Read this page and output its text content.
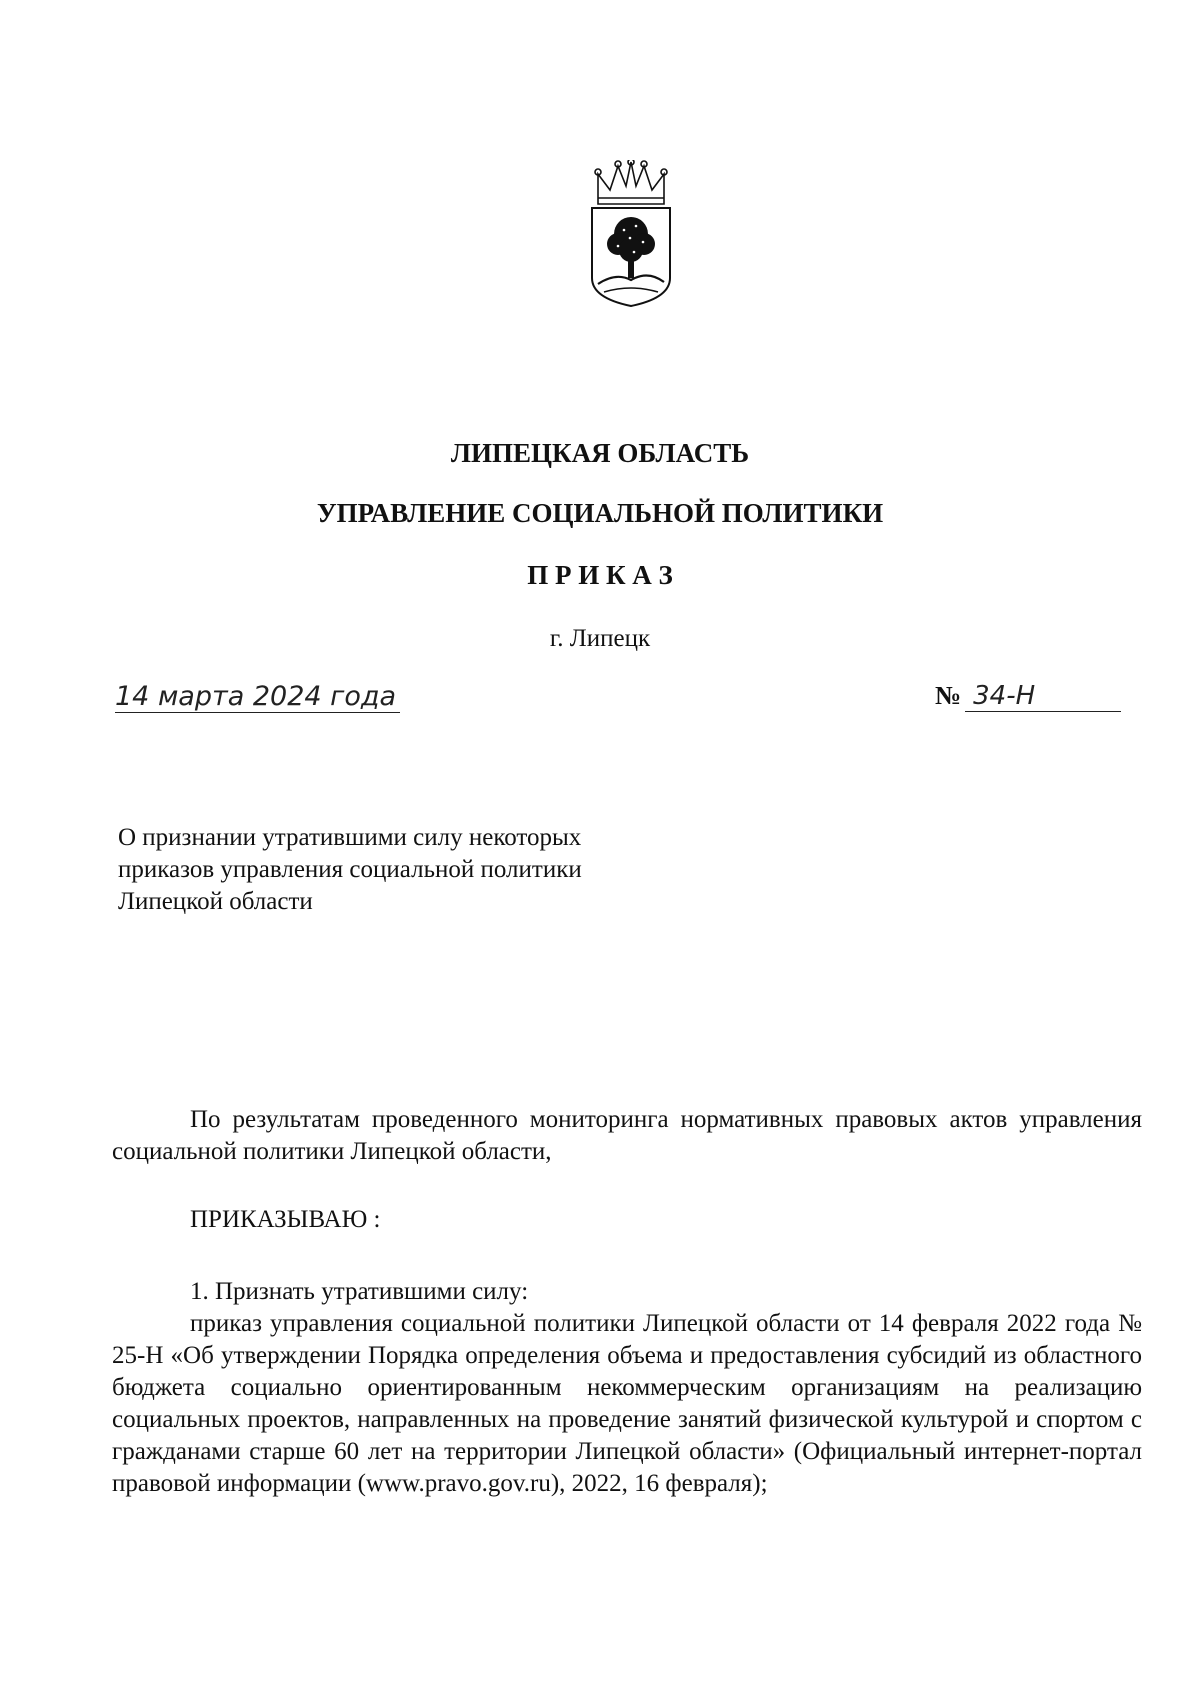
ЛИПЕЦКАЯ ОБЛАСТЬ
УПРАВЛЕНИЕ СОЦИАЛЬНОЙ ПОЛИТИКИ
П Р И К А З
г. Липецк
14 марта 2024 года	№ 34-Н
О признании утратившими силу некоторых
приказов управления социальной политики
Липецкой области
По результатам проведенного мониторинга нормативных правовых актов управления социальной политики Липецкой области,
ПРИКАЗЫВАЮ :
1. Признать утратившими силу:
приказ управления социальной политики Липецкой области от 14 февраля 2022 года № 25-Н «Об утверждении Порядка определения объема и предоставления субсидий из областного бюджета социально ориентированным некоммерческим организациям на реализацию социальных проектов, направленных на проведение занятий физической культурой и спортом с гражданами старше 60 лет на территории Липецкой области» (Официальный интернет-портал правовой информации (www.pravo.gov.ru), 2022, 16 февраля);
